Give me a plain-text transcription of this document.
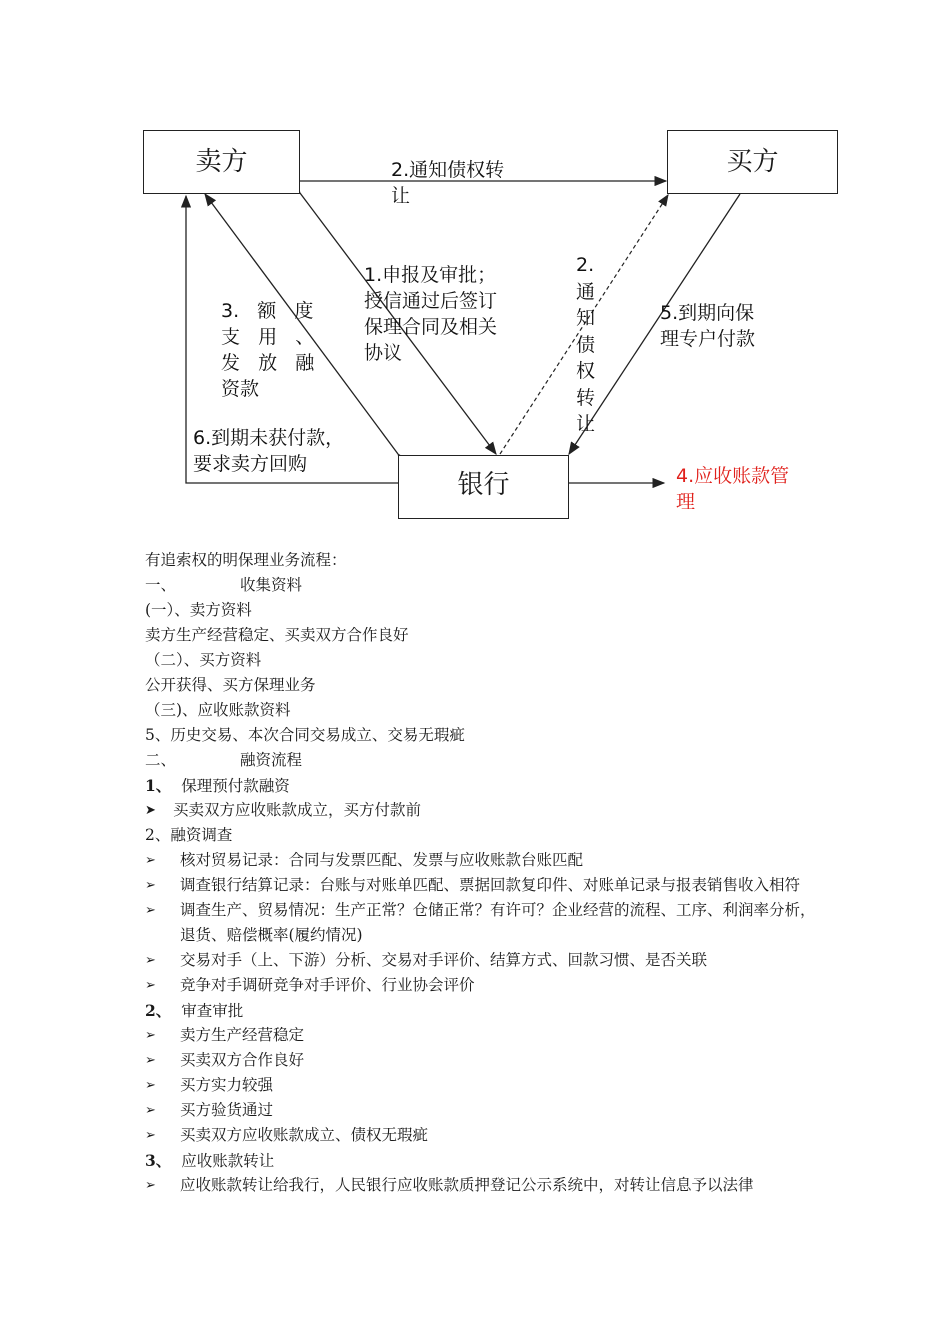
卖方	买方
银行
2.通知债权转
让
1.申报及审批；
授信通过后签订
保理合同及相关
协议
2.
通
知
债
权
转
让
3.   额   度
支   用   、
发   放   融
资款
5.到期向保
理专户付款
6.到期未获付款，
要求卖方回购
4.应收账款管
理
有追索权的明保理业务流程：
一、	收集资料
(一）、卖方资料
卖方生产经营稳定、买卖双方合作良好
（二）、买方资料
公开获得、买方保理业务
（三)、应收账款资料
5、历史交易、本次合同交易成立、交易无瑕疵
二、	融资流程
1、 保理预付款融资
➤ 买卖双方应收账款成立，买方付款前
2、融资调查
➢ 核对贸易记录：合同与发票匹配、发票与应收账款台账匹配
➢ 调查银行结算记录：台账与对账单匹配、票据回款复印件、对账单记录与报表销售收入相符
➢ 调查生产、贸易情况：生产正常？仓储正常？有许可？企业经营的流程、工序、利润率分析，退货、赔偿概率(履约情况)
➢ 交易对手（上、下游）分析、交易对手评价、结算方式、回款习惯、是否关联
➢ 竞争对手调研竞争对手评价、行业协会评价
2、 审查审批
➢ 卖方生产经营稳定
➢ 买卖双方合作良好
➢ 买方实力较强
➢ 买方验货通过
➢ 买卖双方应收账款成立、债权无瑕疵
3、 应收账款转让
➢ 应收账款转让给我行，人民银行应收账款质押登记公示系统中，对转让信息予以法律
